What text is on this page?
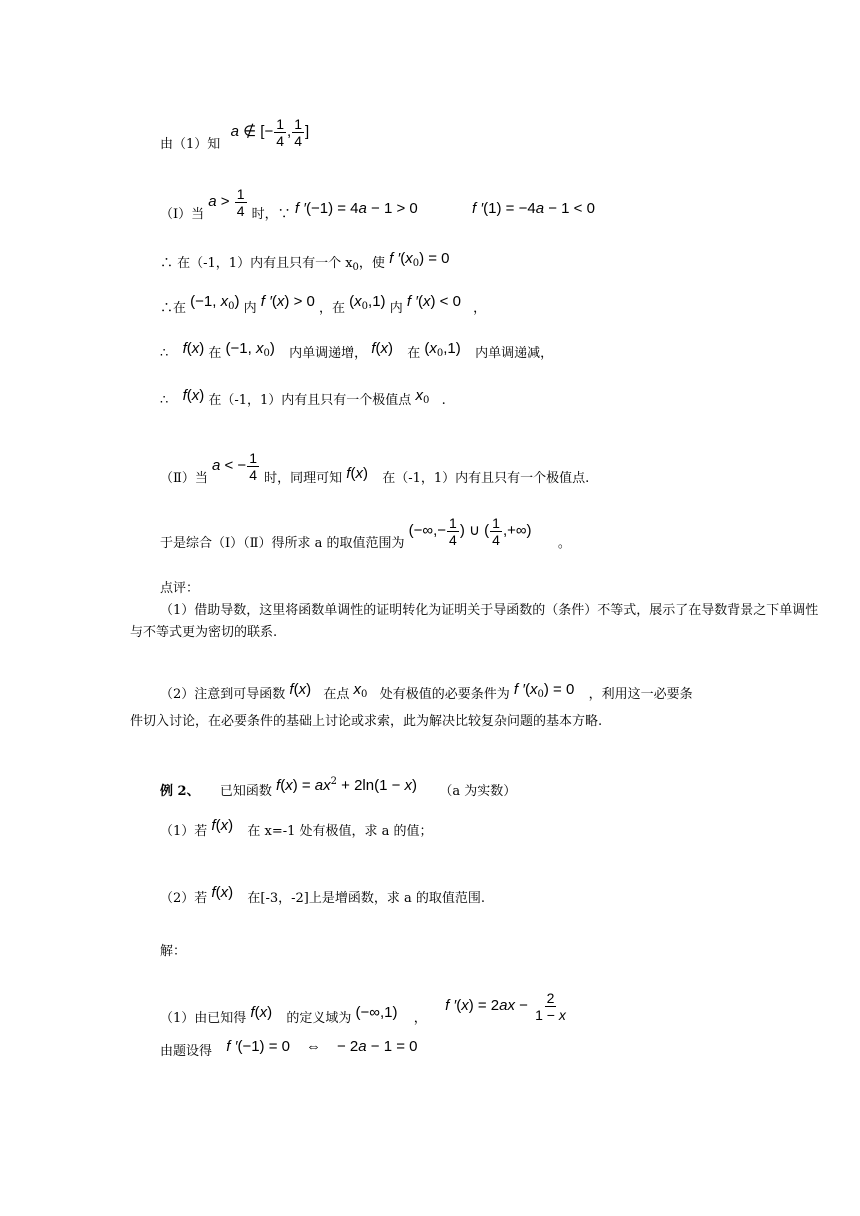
由（1）知  a ∉ [− $\frac{1}{4}$ , $\frac{1}{4}$ ]
（Ⅰ）当 $a > \frac{1}{4}$ 时，∵ f ′(−1) = 4a − 1 > 0	f ′(1) = −4a − 1 < 0
∴ 在（-1，1）内有且只有一个 $x_0$，使 f $'(x_0) = 0$
∴在 (−1, $x_0$) 内 f ′(x) > 0 ，在 $(x_0,1)$ 内 f ′(x) < 0 ，
∴ f(x) 在 (−1, $x_0$) 内单调递增， f(x) 在 $(x_0,1)$ 内单调递减，
∴ f(x) 在（-1，1）内有且只有一个极值点 $x_0$ .
（Ⅱ）当 a < − $\frac{1}{4}$ 时，同理可知 f(x) 在（-1，1）内有且只有一个极值点.
于是综合（Ⅰ）（Ⅱ）得所求 a 的取值范围为 (−∞,− $\frac{1}{4}$ ) ∪ ( $\frac{1}{4}$ ,+∞)  。
点评：
（1）借助导数，这里将函数单调性的证明转化为证明关于导函数的（条件）不等式，展示了在导数背景之下单调性与不等式更为密切的联系.
（2）注意到可导函数 f(x) 在点 $x_0$ 处有极值的必要条件为 f $'(x_0) = 0$ ，利用这一必要条
件切入讨论，在必要条件的基础上讨论或求索，此为解决比较复杂问题的基本方略.
例 2、 已知函数 $f(x) = ax^2 + 2\ln(1 - x)$ （a 为实数）
（1）若 f(x) 在 x=-1 处有极值，求 a 的值；
（2）若 f(x) 在[-3，-2]上是增函数，求 a 的取值范围.
解：
（1）由已知得 f(x) 的定义域为 (−∞,1) ，  f $'(x) = 2ax - \frac{2}{1 - x}$
由题设得 f ′(−1) = 0 ⇔ − 2a − 1 = 0
